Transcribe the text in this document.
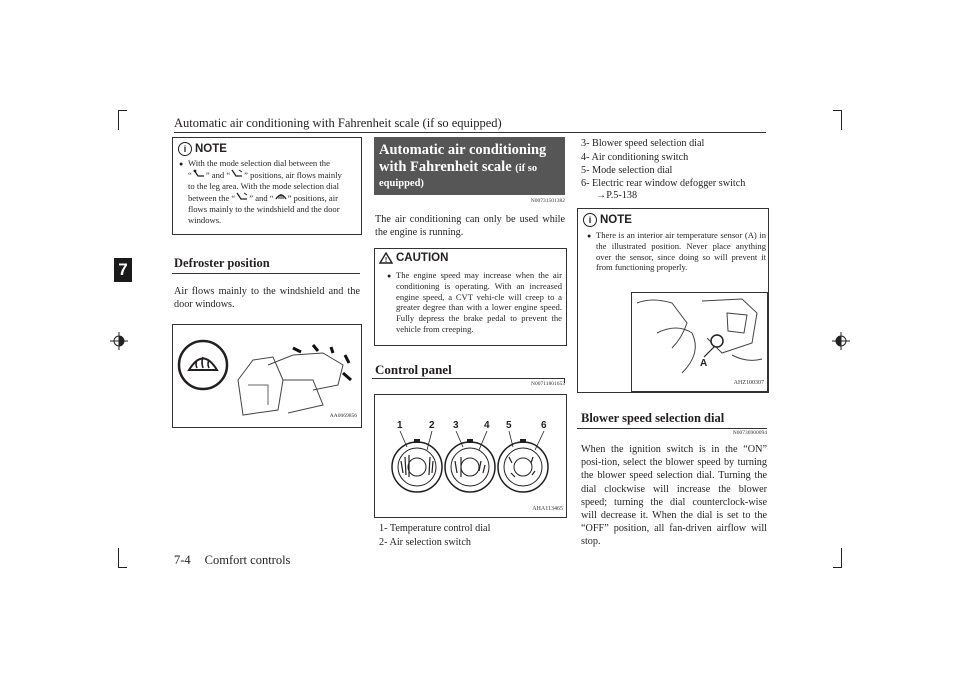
Automatic air conditioning with Fahrenheit scale (if so equipped)
7
i NOTE
● With the mode selection dial between the
“ ” and “ ” positions, air flows mainly
to the leg area. With the mode selection dial
between the “ ” and “ ” positions, air
flows mainly to the windshield and the door
windows.
Defroster position
Air flows mainly to the windshield and the door windows.
AA0069856
Automatic air conditioning
with Fahrenheit scale (if so
equipped)
N00731501382
The air conditioning can only be used while the engine is running.
! CAUTION
● The engine speed may increase when the air conditioning is operating. With an increased engine speed, a CVT vehi-cle will creep to a greater degree than with a lower engine speed. Fully depress the brake pedal to prevent the vehicle from creeping.
Control panel
N00711801653
1	2 3	4 5	6
AHA113465
1- Temperature control dial
2- Air selection switch
3- Blower speed selection dial
4- Air conditioning switch
5- Mode selection dial
6- Electric rear window defogger switch
→P.5-138
i NOTE
● There is an interior air temperature sensor (A) in the illustrated position. Never place anything over the sensor, since doing so will prevent it from functioning properly.
A
AHZ100307
Blower speed selection dial
N00736900094
When the ignition switch is in the “ON” posi-tion, select the blower speed by turning the blower speed selection dial. Turning the dial clockwise will increase the blower speed; turning the dial counterclock-wise will decrease it. When the dial is set to the “OFF” position, all fan-driven airflow will stop.
7-4 Comfort controls
